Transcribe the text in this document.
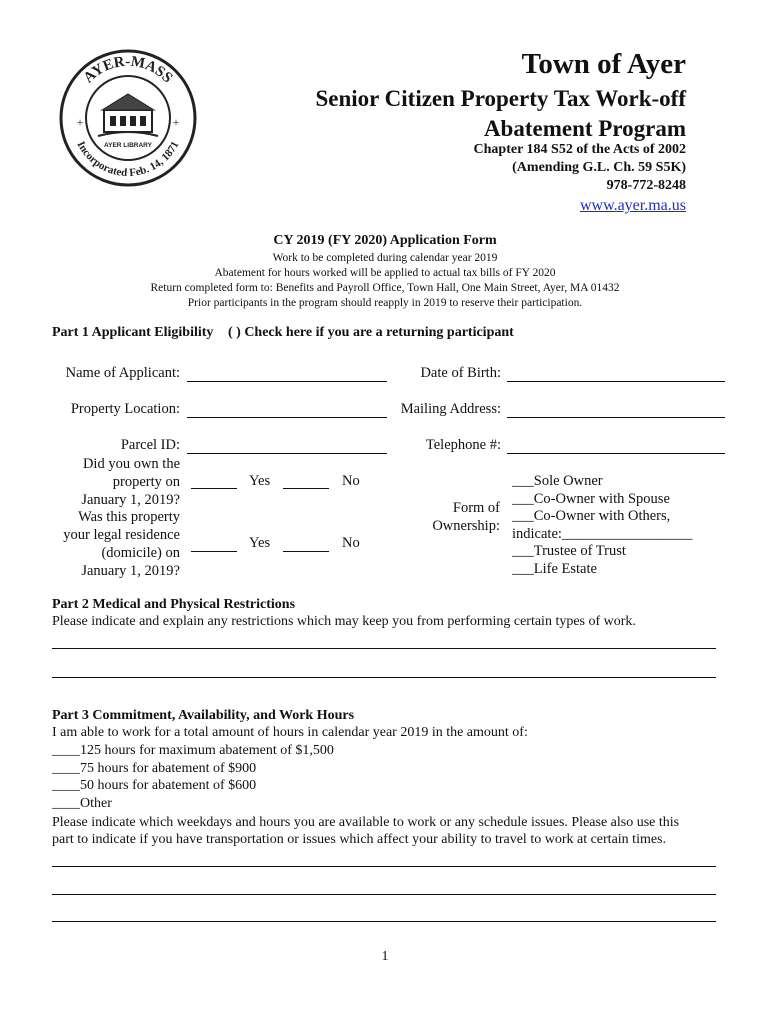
AYER-MASS
Incorporated Feb. 14, 1871
AYER LIBRARY
+	+
Town of Ayer
Senior Citizen Property Tax Work-off
Abatement Program
Chapter 184 S52 of the Acts of 2002
(Amending G.L. Ch. 59 S5K)
978-772-8248
www.ayer.ma.us
CY 2019 (FY 2020) Application Form
Work to be completed during calendar year 2019
Abatement for hours worked will be applied to actual tax bills of FY 2020
Return completed form to: Benefits and Payroll Office, Town Hall, One Main Street, Ayer, MA 01432
Prior participants in the program should reapply in 2019 to reserve their participation.
Part 1 Applicant Eligibility ( ) Check here if you are a returning participant
Name of Applicant:	Date of Birth:
Property Location:	Mailing Address:
Parcel ID:	Telephone #:
Did you own the
property on
January 1, 2019?
Yes	No
Was this property
your legal residence
(domicile) on
January 1, 2019?
Yes	No
Form of
Ownership:
___Sole Owner
___Co-Owner with Spouse
___Co-Owner with Others,
indicate:__________________
___Trustee of Trust
___Life Estate
Part 2 Medical and Physical Restrictions
Please indicate and explain any restrictions which may keep you from performing certain types of work.
Part 3 Commitment, Availability, and Work Hours
I am able to work for a total amount of hours in calendar year 2019 in the amount of:
____125 hours for maximum abatement of $1,500
____75 hours for abatement of $900
____50 hours for abatement of $600
____Other
Please indicate which weekdays and hours you are available to work or any schedule issues. Please also use this
part to indicate if you have transportation or issues which affect your ability to travel to work at certain times.
1
